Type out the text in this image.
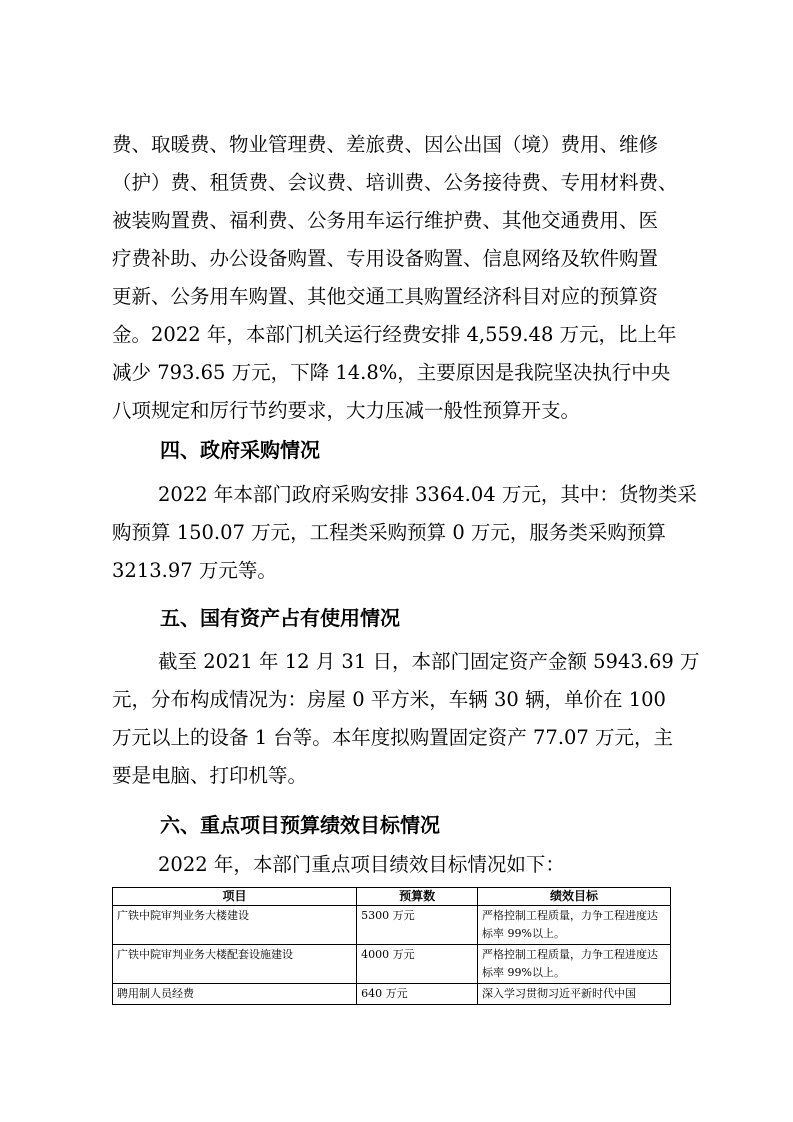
费、取暖费、物业管理费、差旅费、因公出国（境）费用、维修
（护）费、租赁费、会议费、培训费、公务接待费、专用材料费、
被装购置费、福利费、公务用车运行维护费、其他交通费用、医
疗费补助、办公设备购置、专用设备购置、信息网络及软件购置
更新、公务用车购置、其他交通工具购置经济科目对应的预算资
金。2022 年，本部门机关运行经费安排 4,559.48 万元，比上年
减少 793.65 万元，下降 14.8%，主要原因是我院坚决执行中央
八项规定和厉行节约要求，大力压减一般性预算开支。
四、政府采购情况
2022 年本部门政府采购安排 3364.04 万元，其中：货物类采
购预算 150.07 万元，工程类采购预算 0 万元，服务类采购预算
3213.97 万元等。
五、国有资产占有使用情况
截至 2021 年 12 月 31 日，本部门固定资产金额 5943.69 万
元，分布构成情况为：房屋 0 平方米，车辆 30 辆，单价在 100
万元以上的设备 1 台等。本年度拟购置固定资产 77.07 万元，主
要是电脑、打印机等。
六、重点项目预算绩效目标情况
2022 年，本部门重点项目绩效目标情况如下：
项目	预算数	绩效目标
广铁中院审判业务大楼建设	5300 万元	严格控制工程质量，力争工程进度达标率 99%以上。
广铁中院审判业务大楼配套设施建设	4000 万元	严格控制工程质量，力争工程进度达标率 99%以上。
聘用制人员经费	640 万元	深入学习贯彻习近平新时代中国
